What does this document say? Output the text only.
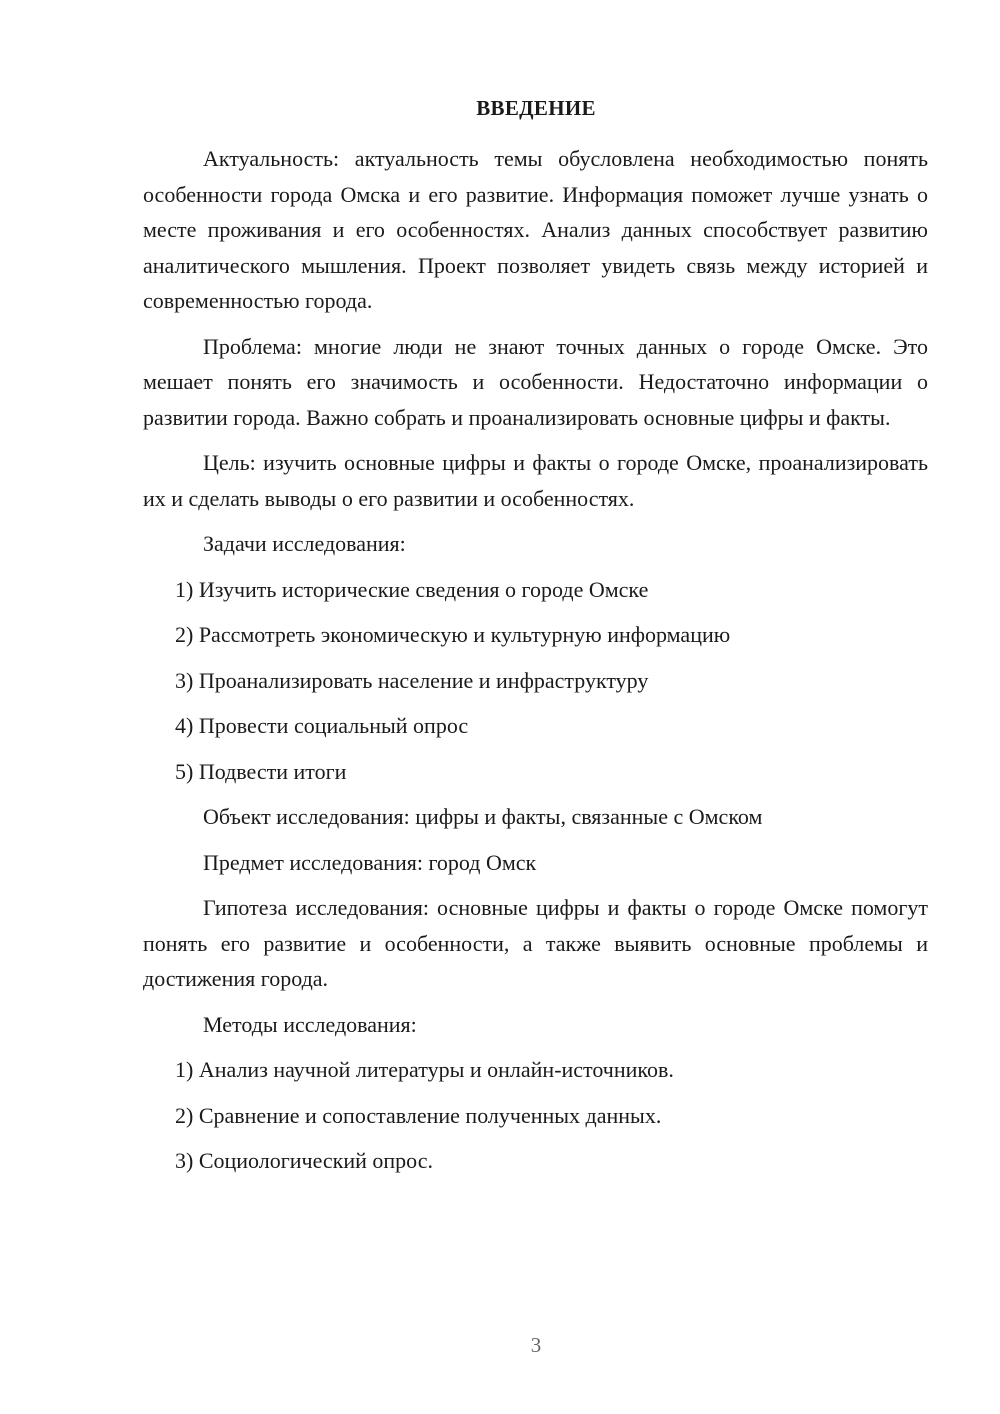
ВВЕДЕНИЕ

Актуальность: актуальность темы обусловлена необходимостью понять особенности города Омска и его развитие. Информация поможет лучше узнать о месте проживания и его особенностях. Анализ данных способствует развитию аналитического мышления. Проект позволяет увидеть связь между историей и современностью города.

Проблема: многие люди не знают точных данных о городе Омске. Это мешает понять его значимость и особенности. Недостаточно информации о развитии города. Важно собрать и проанализировать основные цифры и факты.

Цель: изучить основные цифры и факты о городе Омске, проанализировать их и сделать выводы о его развитии и особенностях.

Задачи исследования:

1) Изучить исторические сведения о городе Омске

2) Рассмотреть экономическую и культурную информацию

3) Проанализировать население и инфраструктуру

4) Провести социальный опрос

5) Подвести итоги

Объект исследования: цифры и факты, связанные с Омском

Предмет исследования: город Омск

Гипотеза исследования: основные цифры и факты о городе Омске помогут понять его развитие и особенности, а также выявить основные проблемы и достижения города.

Методы исследования:

1) Анализ научной литературы и онлайн-источников.

2) Сравнение и сопоставление полученных данных.

3) Социологический опрос.

3
